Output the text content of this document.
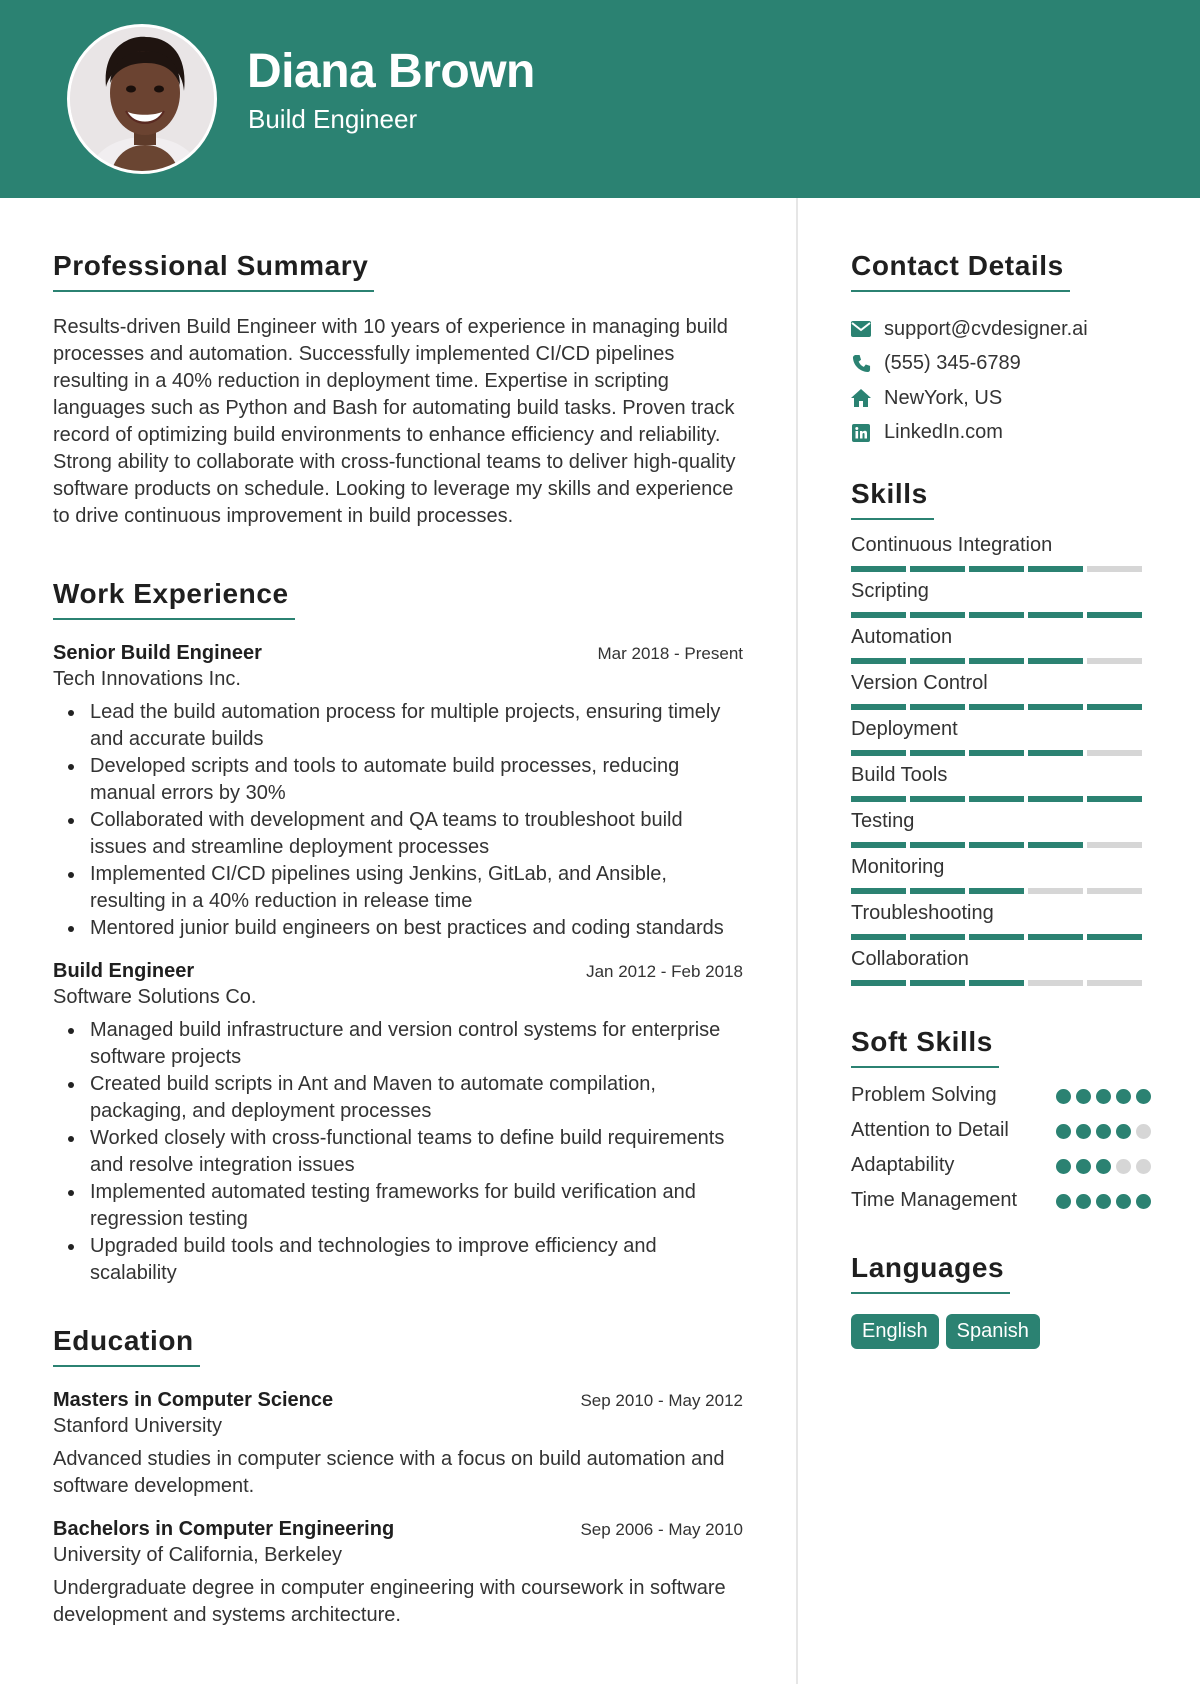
Diana Brown
Build Engineer
Professional Summary

Results-driven Build Engineer with 10 years of experience in managing build processes and automation. Successfully implemented CI/CD pipelines resulting in a 40% reduction in deployment time. Expertise in scripting languages such as Python and Bash for automating build tasks. Proven track record of optimizing build environments to enhance efficiency and reliability. Strong ability to collaborate with cross-functional teams to deliver high-quality software products on schedule. Looking to leverage my skills and experience to drive continuous improvement in build processes.

Work Experience
Senior Build Engineer	Mar 2018 - Present
Tech Innovations Inc.
Lead the build automation process for multiple projects, ensuring timely and accurate builds
Developed scripts and tools to automate build processes, reducing manual errors by 30%
Collaborated with development and QA teams to troubleshoot build issues and streamline deployment processes
Implemented CI/CD pipelines using Jenkins, GitLab, and Ansible, resulting in a 40% reduction in release time
Mentored junior build engineers on best practices and coding standards
Build Engineer	Jan 2012 - Feb 2018
Software Solutions Co.
Managed build infrastructure and version control systems for enterprise software projects
Created build scripts in Ant and Maven to automate compilation, packaging, and deployment processes
Worked closely with cross-functional teams to define build requirements and resolve integration issues
Implemented automated testing frameworks for build verification and regression testing
Upgraded build tools and technologies to improve efficiency and scalability
Education
Masters in Computer Science	Sep 2010 - May 2012
Stanford University

Advanced studies in computer science with a focus on build automation and software development.

Bachelors in Computer Engineering	Sep 2006 - May 2010
University of California, Berkeley

Undergraduate degree in computer engineering with coursework in software development and systems architecture.

Contact Details
support@cvdesigner.ai
(555) 345-6789
NewYork, US
LinkedIn.com
Skills
Continuous Integration
Scripting
Automation
Version Control
Deployment
Build Tools
Testing
Monitoring
Troubleshooting
Collaboration
Soft Skills
Problem Solving
Attention to Detail
Adaptability
Time Management
Languages
English	Spanish
